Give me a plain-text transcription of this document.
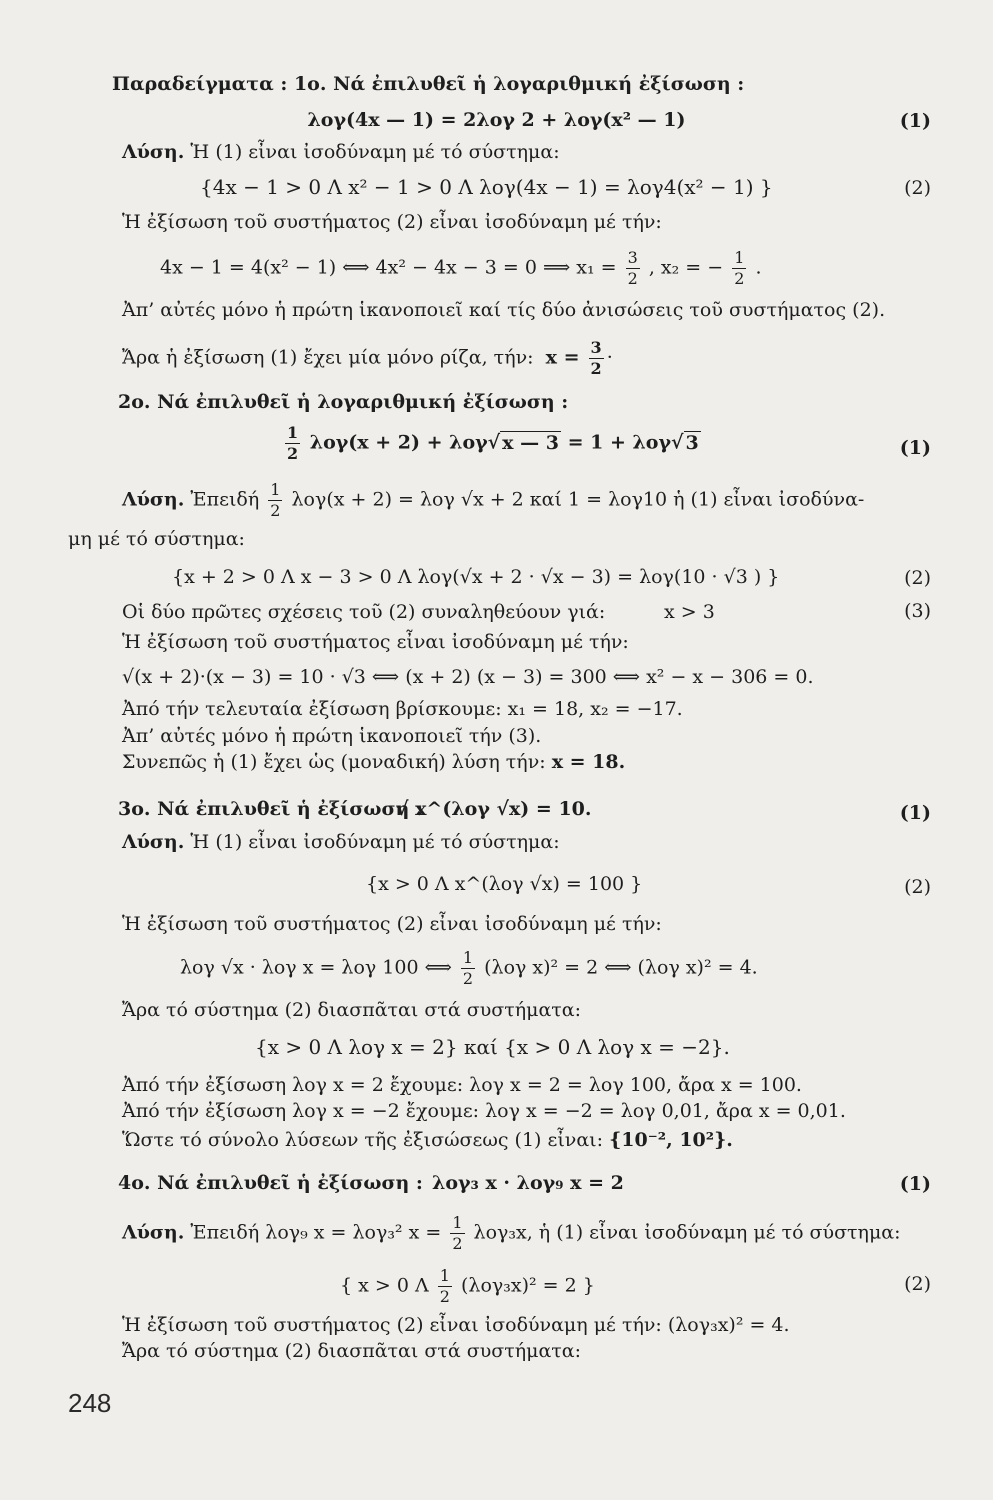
Παραδείγματα : 1ο. Νά ἐπιλυθεῖ ἡ λογαριθμική ἐξίσωση :
λογ(4x — 1) = 2λογ 2 + λογ(x² — 1)	(1)
Λύση. Ἡ (1) εἶναι ἰσοδύναμη μέ τό σύστημα:
{4x − 1 > 0 Λ x² − 1 > 0 Λ λογ(4x − 1) = λογ4(x² − 1) }	(2)
Ἡ ἐξίσωση τοῦ συστήματος (2) εἶναι ἰσοδύναμη μέ τήν:
4x − 1 = 4(x² − 1) ⟺ 4x² − 4x − 3 = 0 ⟹ $x_1 = \frac{3}{2}$ , x₂ = − $\frac{1}{2}$ .
Ἀπ’ αὐτές μόνο ἡ πρώτη ἱκανοποιεῖ καί τίς δύο ἀνισώσεις τοῦ συστήματος (2).
Ἄρα ἡ ἐξίσωση (1) ἔχει μία μόνο ρίζα, τήν: $x = \frac{3}{2}$ ·
2ο. Νά ἐπιλυθεῖ ἡ λογαριθμική ἐξίσωση :
$\frac{1}{2} \lambda o\gamma(x + 2) + \lambda o\gamma√$ x — 3 = 1 + λογ√ 3	(1)
Λύση. Ἐπειδή $\frac{1}{2} \lambda o\gamma(x + 2) = \lambda o\gamma$ √x + 2 καί 1 = λογ10 ἡ (1) εἶναι ἰσοδύνα-
μη μέ τό σύστημα:
{x + 2 > 0 Λ x − 3 > 0 Λ λογ(√x + 2 · √x − 3) = λογ(10 · √3 ) }	(2)
Οἱ δύο πρῶτες σχέσεις τοῦ (2) συναληθεύουν γιά:	x > 3	(3)
Ἡ ἐξίσωση τοῦ συστήματος εἶναι ἰσοδύναμη μέ τήν:
√(x + 2)·(x − 3) = 10 · √3 ⟺ (x + 2) (x − 3) = 300 ⟺ x² − x − 306 = 0.
Ἀπό τήν τελευταία ἐξίσωση βρίσκουμε: x₁ = 18, x₂ = −17.
Ἀπ’ αὐτές μόνο ἡ πρώτη ἱκανοποιεῖ τήν (3).
Συνεπῶς ἡ (1) ἔχει ὡς (μοναδική) λύση τήν: x = 18.
3ο. Νά ἐπιλυθεῖ ἡ ἐξίσωση :
√ x^(λογ √x) = 10.	(1)
Λύση. Ἡ (1) εἶναι ἰσοδύναμη μέ τό σύστημα:
{x > 0 Λ x^(λογ √x) = 100 }	(2)
Ἡ ἐξίσωση τοῦ συστήματος (2) εἶναι ἰσοδύναμη μέ τήν:
λογ √x · λογ x = λογ 100 ⟺ $\frac{1}{2} (\lambda o\gamma$ x)² = 2 ⟺ (λογ x)² = 4.
Ἄρα τό σύστημα (2) διασπᾶται στά συστήματα:
{x > 0 Λ λογ x = 2} καί {x > 0 Λ λογ x = −2}.
Ἀπό τήν ἐξίσωση λογ x = 2 ἔχουμε: λογ x = 2 = λογ 100, ἄρα x = 100.
Ἀπό τήν ἐξίσωση λογ x = −2 ἔχουμε: λογ x = −2 = λογ 0,01, ἄρα x = 0,01.
Ὥστε τό σύνολο λύσεων τῆς ἐξισώσεως (1) εἶναι: {10⁻², 10²}.
4ο. Νά ἐπιλυθεῖ ἡ ἐξίσωση : λογ₃ x · λογ₉ x = 2	(1)
Λύση. Ἐπειδή λογ₉ x = λογ₃² $x = \frac{1}{2} \lambda o\gamma_3x$, ἡ (1) εἶναι ἰσοδύναμη μέ τό σύστημα:
{ x > 0 Λ $\frac{1}{2} (\lambda o\gamma_3x)^2 = 2$ }	(2)
Ἡ ἐξίσωση τοῦ συστήματος (2) εἶναι ἰσοδύναμη μέ τήν: (λογ₃x)² = 4.
Ἄρα τό σύστημα (2) διασπᾶται στά συστήματα:
248
